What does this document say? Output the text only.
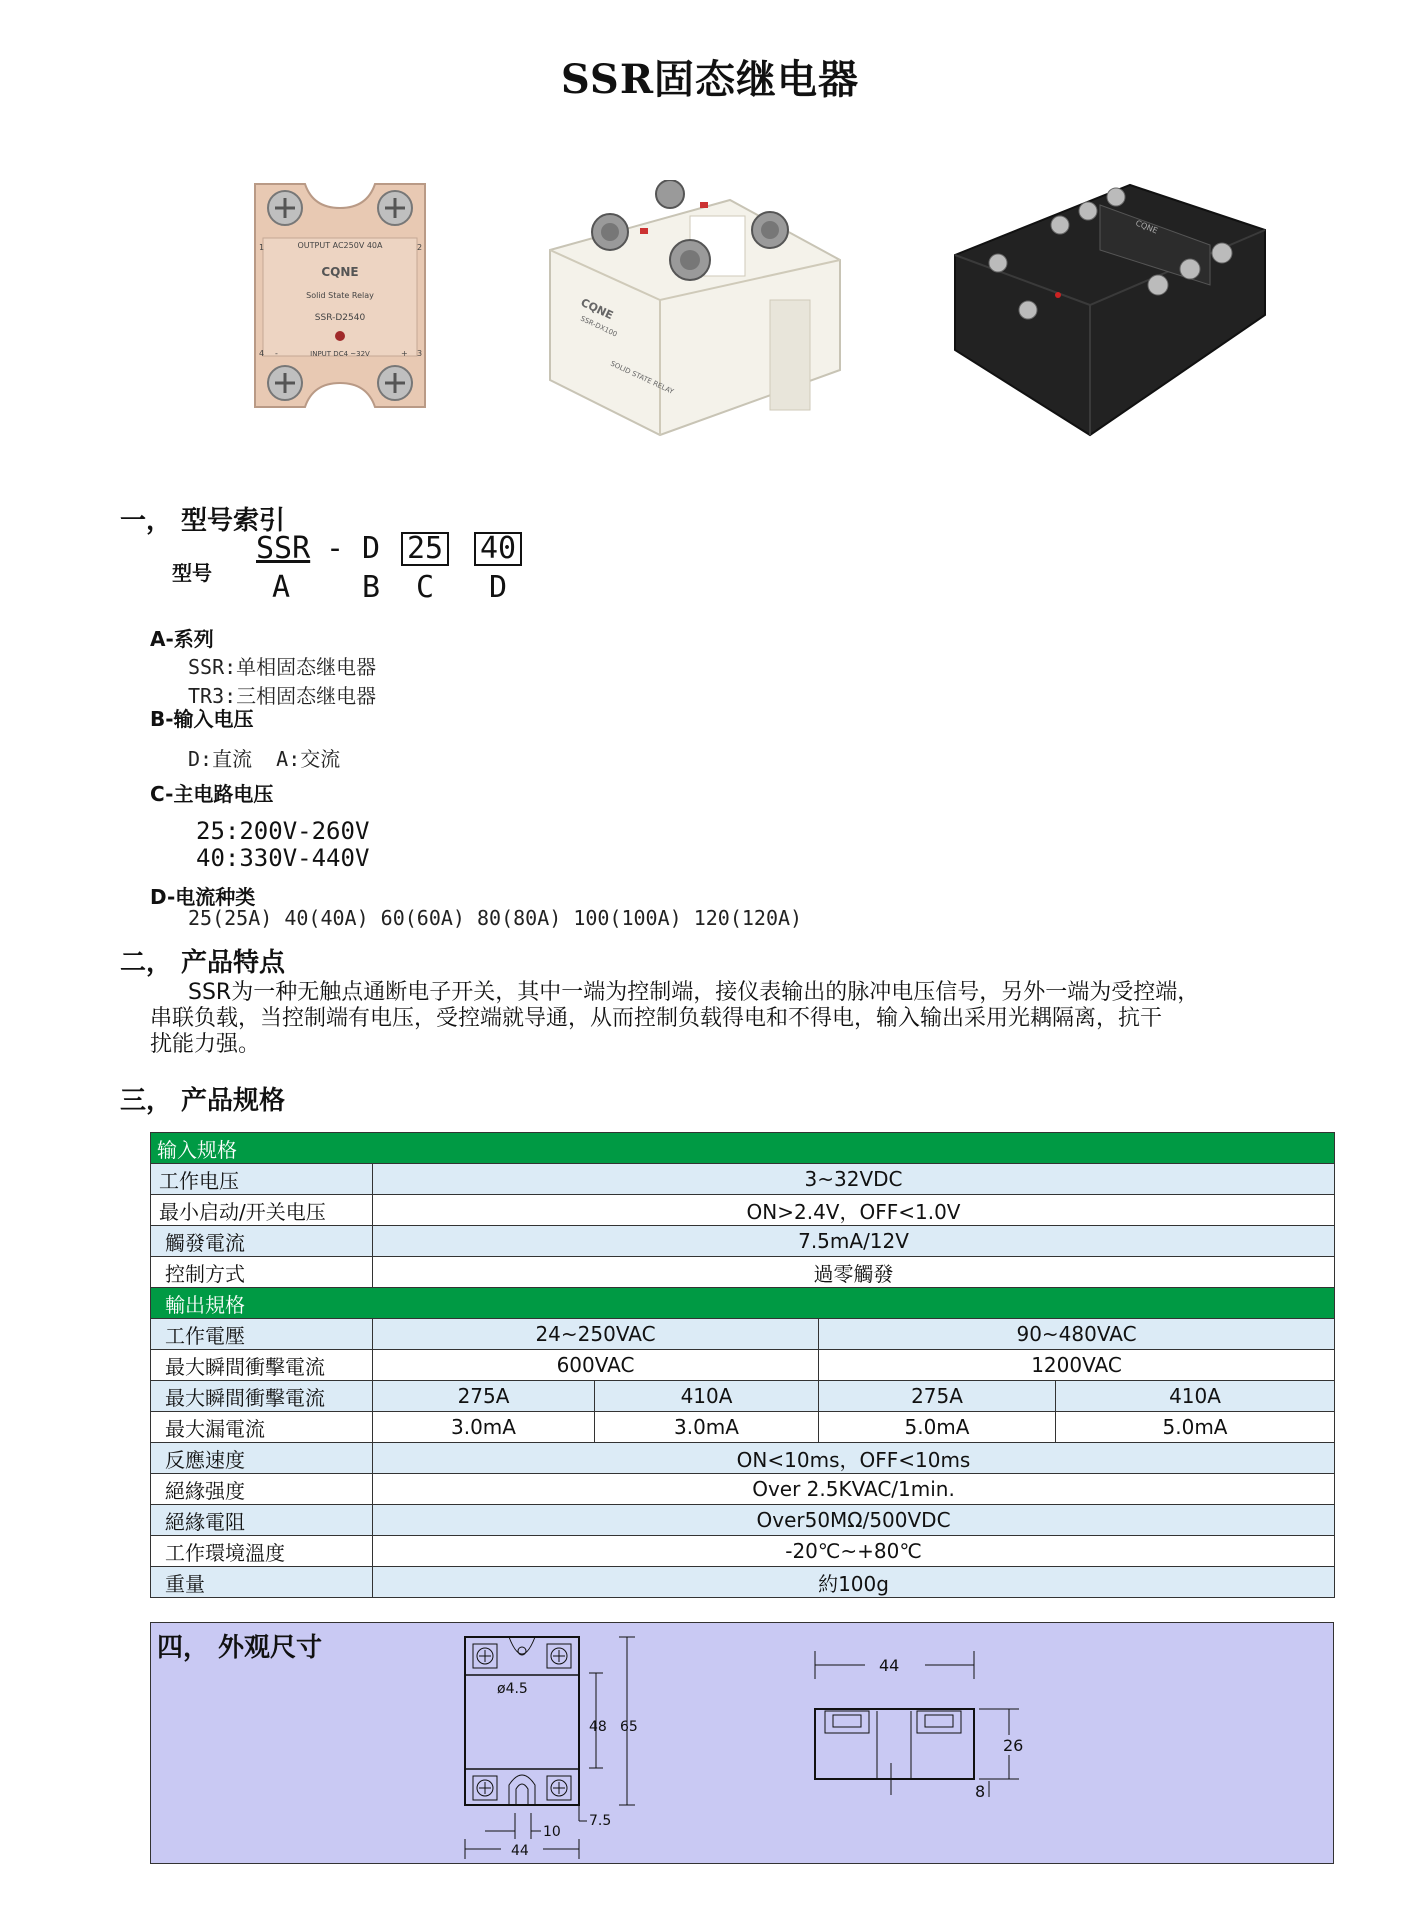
SSR固态继电器
OUTPUT AC250V 40A
CQNE
Solid State Relay
SSR-D2540
INPUT DC4 ~32V
1	2
4	3
-	+
CQNE
SSR-DX100
SOLID STATE RELAY
CQNE
一， 型号索引
型号
SSR - D 25 40
A B C D
A-系列
SSR:单相固态继电器
TR3:三相固态继电器
B-输入电压
D:直流  A:交流
C-主电路电压
25:200V-260V
40:330V-440V
D-电流种类
25(25A) 40(40A) 60(60A) 80(80A) 100(100A) 120(120A)
二， 产品特点
SSR为一种无触点通断电子开关，其中一端为控制端，接仪表输出的脉冲电压信号，另外一端为受控端，
串联负载，当控制端有电压，受控端就导通，从而控制负载得电和不得电，输入输出采用光耦隔离，抗干
扰能力强。
三， 产品规格
输入规格				
工作电压	3~32VDC			
最小启动/开关电压	ON>2.4V，OFF<1.0V			
觸發電流	7.5mA/12V			
控制方式	過零觸發			
輸出規格				
工作電壓	24~250VAC		90~480VAC	
最大瞬間衝擊電流	600VAC		1200VAC	
最大瞬間衝擊電流	275A	410A	275A	410A
最大漏電流	3.0mA	3.0mA	5.0mA	5.0mA
反應速度	ON<10ms，OFF<10ms			
絕緣强度	Over 2.5KVAC/1min.			
絕緣電阻	Over50MΩ/500VDC			
工作環境溫度	-20℃~+80℃			
重量	約100g			
四， 外观尺寸
ø4.5
48 65
7.5
10
44
44
26
8
